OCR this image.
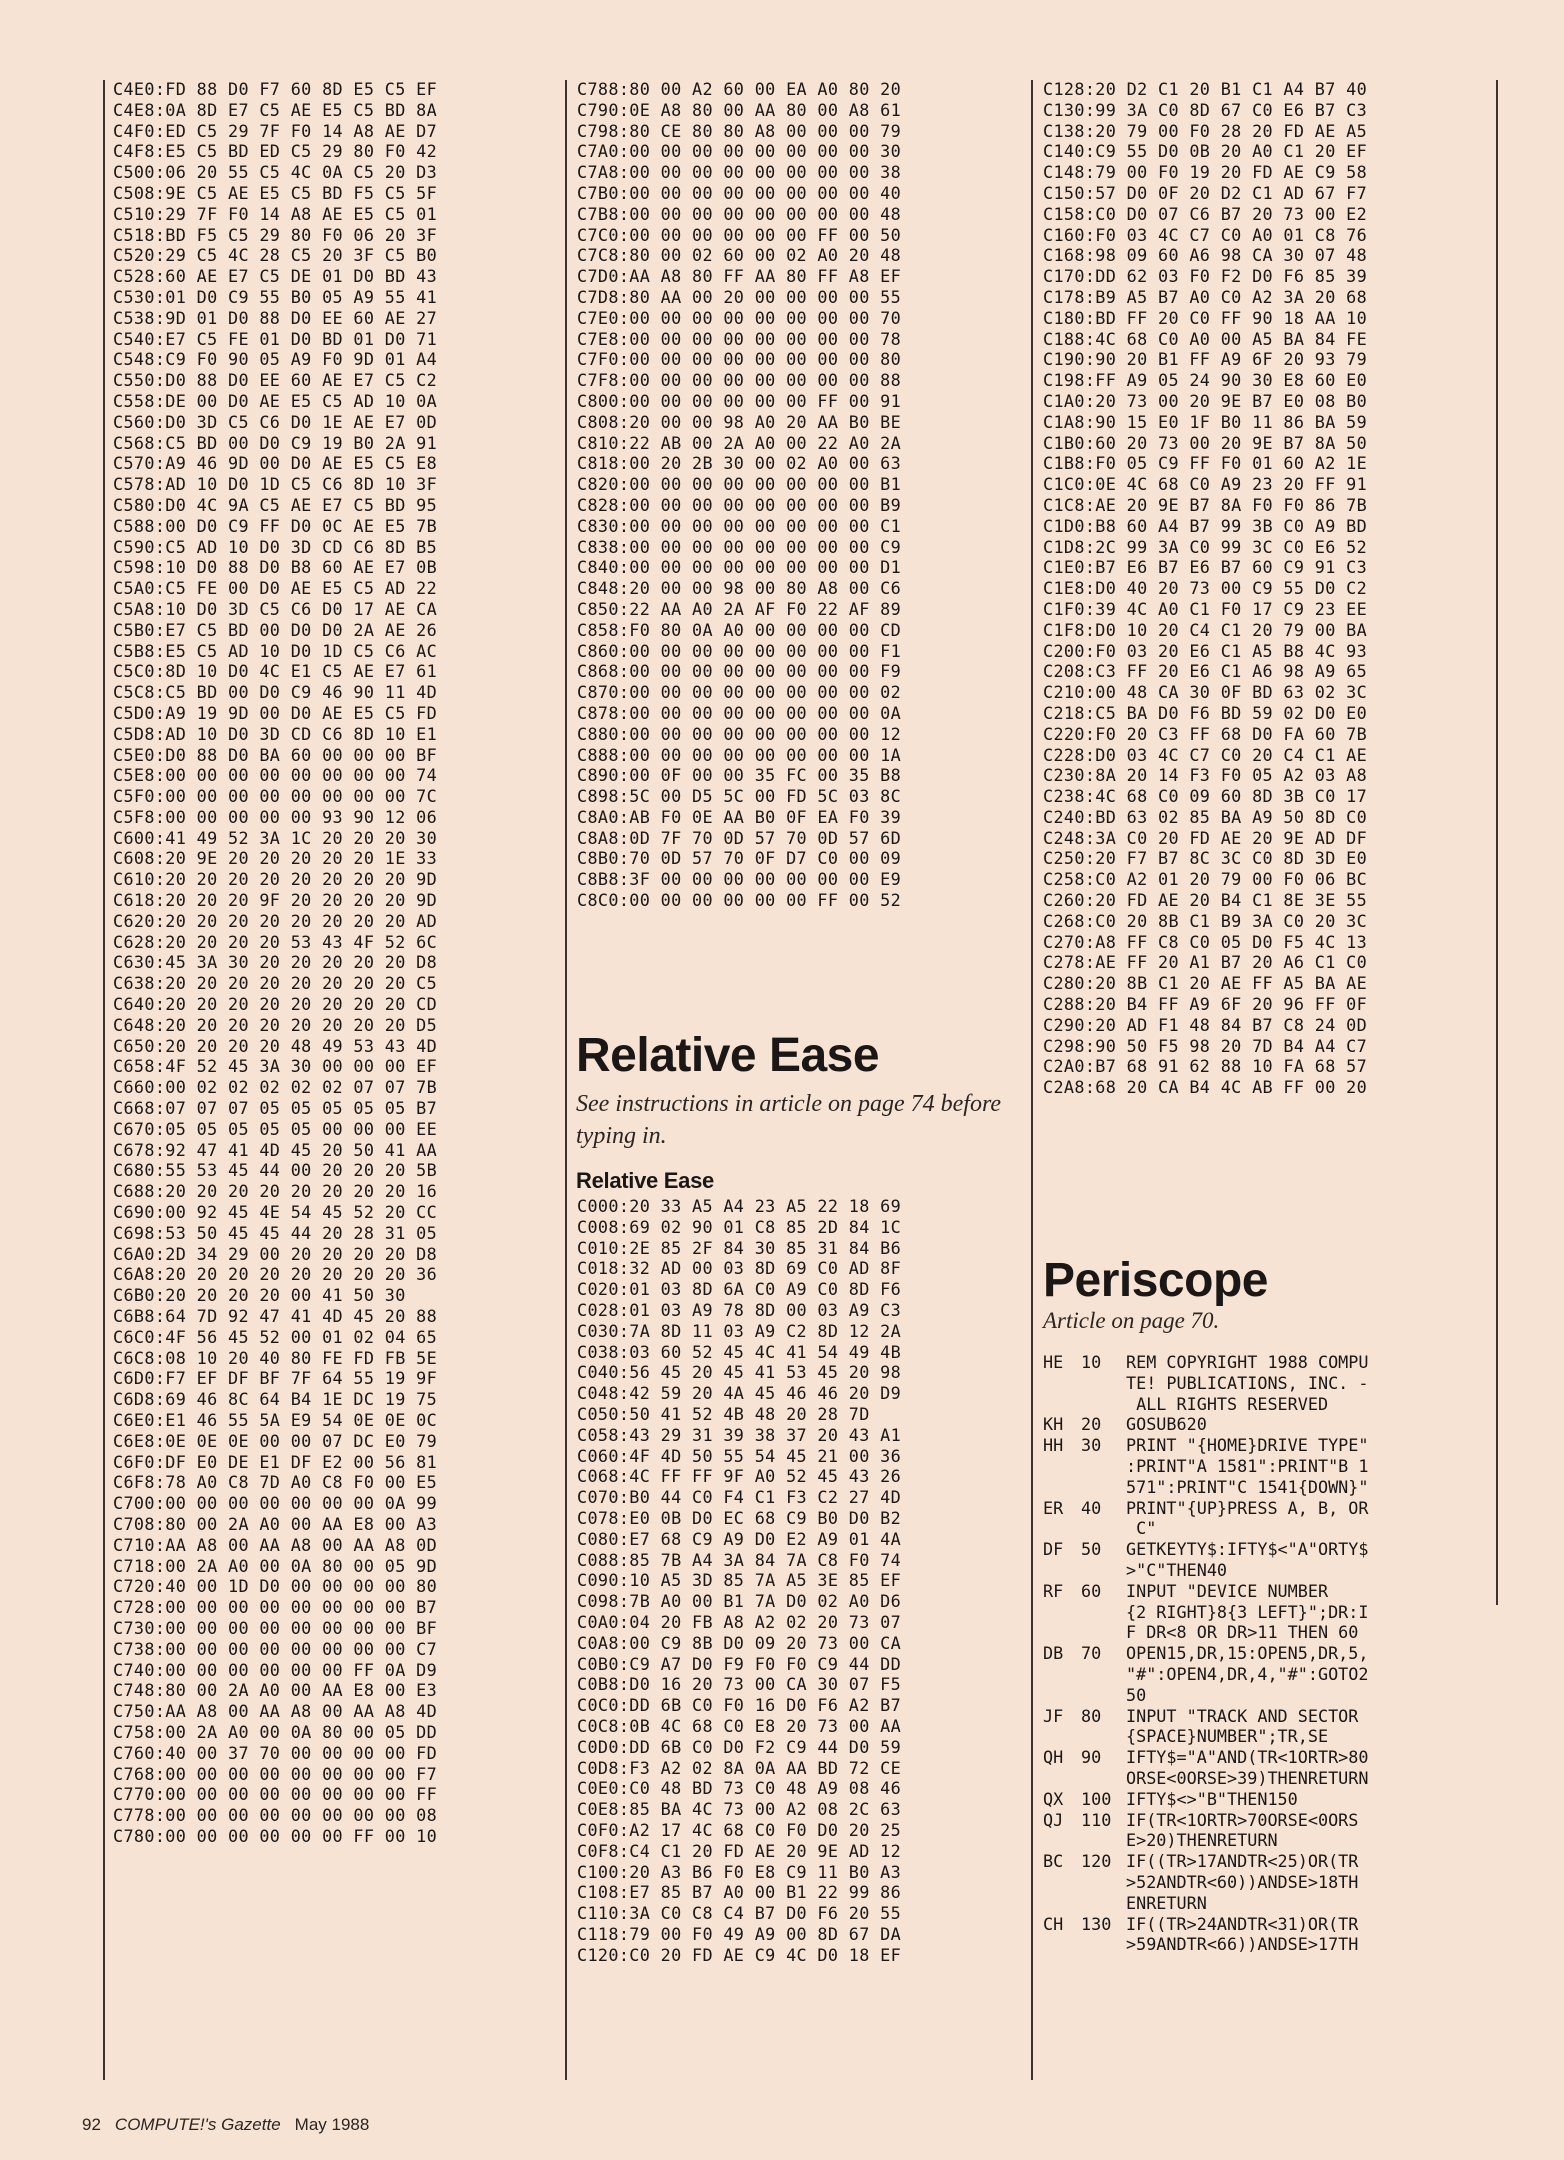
C4E0:FD 88 D0 F7 60 8D E5 C5 EF
C4E8:0A 8D E7 C5 AE E5 C5 BD 8A
C4F0:ED C5 29 7F F0 14 A8 AE D7
C4F8:E5 C5 BD ED C5 29 80 F0 42
C500:06 20 55 C5 4C 0A C5 20 D3
C508:9E C5 AE E5 C5 BD F5 C5 5F
C510:29 7F F0 14 A8 AE E5 C5 01
C518:BD F5 C5 29 80 F0 06 20 3F
C520:29 C5 4C 28 C5 20 3F C5 B0
C528:60 AE E7 C5 DE 01 D0 BD 43
C530:01 D0 C9 55 B0 05 A9 55 41
C538:9D 01 D0 88 D0 EE 60 AE 27
C540:E7 C5 FE 01 D0 BD 01 D0 71
C548:C9 F0 90 05 A9 F0 9D 01 A4
C550:D0 88 D0 EE 60 AE E7 C5 C2
C558:DE 00 D0 AE E5 C5 AD 10 0A
C560:D0 3D C5 C6 D0 1E AE E7 0D
C568:C5 BD 00 D0 C9 19 B0 2A 91
C570:A9 46 9D 00 D0 AE E5 C5 E8
C578:AD 10 D0 1D C5 C6 8D 10 3F
C580:D0 4C 9A C5 AE E7 C5 BD 95
C588:00 D0 C9 FF D0 0C AE E5 7B
C590:C5 AD 10 D0 3D CD C6 8D B5
C598:10 D0 88 D0 B8 60 AE E7 0B
C5A0:C5 FE 00 D0 AE E5 C5 AD 22
C5A8:10 D0 3D C5 C6 D0 17 AE CA
C5B0:E7 C5 BD 00 D0 D0 2A AE 26
C5B8:E5 C5 AD 10 D0 1D C5 C6 AC
C5C0:8D 10 D0 4C E1 C5 AE E7 61
C5C8:C5 BD 00 D0 C9 46 90 11 4D
C5D0:A9 19 9D 00 D0 AE E5 C5 FD
C5D8:AD 10 D0 3D CD C6 8D 10 E1
C5E0:D0 88 D0 BA 60 00 00 00 BF
C5E8:00 00 00 00 00 00 00 00 74
C5F0:00 00 00 00 00 00 00 00 7C
C5F8:00 00 00 00 00 93 90 12 06
C600:41 49 52 3A 1C 20 20 20 30
C608:20 9E 20 20 20 20 20 1E 33
C610:20 20 20 20 20 20 20 20 9D
C618:20 20 20 9F 20 20 20 20 9D
C620:20 20 20 20 20 20 20 20 AD
C628:20 20 20 20 53 43 4F 52 6C
C630:45 3A 30 20 20 20 20 20 D8
C638:20 20 20 20 20 20 20 20 C5
C640:20 20 20 20 20 20 20 20 CD
C648:20 20 20 20 20 20 20 20 D5
C650:20 20 20 20 48 49 53 43 4D
C658:4F 52 45 3A 30 00 00 00 EF
C660:00 02 02 02 02 02 07 07 7B
C668:07 07 07 05 05 05 05 05 B7
C670:05 05 05 05 05 00 00 00 EE
C678:92 47 41 4D 45 20 50 41 AA
C680:55 53 45 44 00 20 20 20 5B
C688:20 20 20 20 20 20 20 20 16
C690:00 92 45 4E 54 45 52 20 CC
C698:53 50 45 45 44 20 28 31 05
C6A0:2D 34 29 00 20 20 20 20 D8
C6A8:20 20 20 20 20 20 20 20 36
C6B0:20 20 20 20 00 41 50 30
C6B8:64 7D 92 47 41 4D 45 20 88
C6C0:4F 56 45 52 00 01 02 04 65
C6C8:08 10 20 40 80 FE FD FB 5E
C6D0:F7 EF DF BF 7F 64 55 19 9F
C6D8:69 46 8C 64 B4 1E DC 19 75
C6E0:E1 46 55 5A E9 54 0E 0E 0C
C6E8:0E 0E 0E 00 00 07 DC E0 79
C6F0:DF E0 DE E1 DF E2 00 56 81
C6F8:78 A0 C8 7D A0 C8 F0 00 E5
C700:00 00 00 00 00 00 00 0A 99
C708:80 00 2A A0 00 AA E8 00 A3
C710:AA A8 00 AA A8 00 AA A8 0D
C718:00 2A A0 00 0A 80 00 05 9D
C720:40 00 1D D0 00 00 00 00 80
C728:00 00 00 00 00 00 00 00 B7
C730:00 00 00 00 00 00 00 00 BF
C738:00 00 00 00 00 00 00 00 C7
C740:00 00 00 00 00 00 FF 0A D9
C748:80 00 2A A0 00 AA E8 00 E3
C750:AA A8 00 AA A8 00 AA A8 4D
C758:00 2A A0 00 0A 80 00 05 DD
C760:40 00 37 70 00 00 00 00 FD
C768:00 00 00 00 00 00 00 00 F7
C770:00 00 00 00 00 00 00 00 FF
C778:00 00 00 00 00 00 00 00 08
C780:00 00 00 00 00 00 FF 00 10
C788:80 00 A2 60 00 EA A0 80 20
C790:0E A8 80 00 AA 80 00 A8 61
C798:80 CE 80 80 A8 00 00 00 79
C7A0:00 00 00 00 00 00 00 00 30
C7A8:00 00 00 00 00 00 00 00 38
C7B0:00 00 00 00 00 00 00 00 40
C7B8:00 00 00 00 00 00 00 00 48
C7C0:00 00 00 00 00 00 FF 00 50
C7C8:80 00 02 60 00 02 A0 20 48
C7D0:AA A8 80 FF AA 80 FF A8 EF
C7D8:80 AA 00 20 00 00 00 00 55
C7E0:00 00 00 00 00 00 00 00 70
C7E8:00 00 00 00 00 00 00 00 78
C7F0:00 00 00 00 00 00 00 00 80
C7F8:00 00 00 00 00 00 00 00 88
C800:00 00 00 00 00 00 FF 00 91
C808:20 00 00 98 A0 20 AA B0 BE
C810:22 AB 00 2A A0 00 22 A0 2A
C818:00 20 2B 30 00 02 A0 00 63
C820:00 00 00 00 00 00 00 00 B1
C828:00 00 00 00 00 00 00 00 B9
C830:00 00 00 00 00 00 00 00 C1
C838:00 00 00 00 00 00 00 00 C9
C840:00 00 00 00 00 00 00 00 D1
C848:20 00 00 98 00 80 A8 00 C6
C850:22 AA A0 2A AF F0 22 AF 89
C858:F0 80 0A A0 00 00 00 00 CD
C860:00 00 00 00 00 00 00 00 F1
C868:00 00 00 00 00 00 00 00 F9
C870:00 00 00 00 00 00 00 00 02
C878:00 00 00 00 00 00 00 00 0A
C880:00 00 00 00 00 00 00 00 12
C888:00 00 00 00 00 00 00 00 1A
C890:00 0F 00 00 35 FC 00 35 B8
C898:5C 00 D5 5C 00 FD 5C 03 8C
C8A0:AB F0 0E AA B0 0F EA F0 39
C8A8:0D 7F 70 0D 57 70 0D 57 6D
C8B0:70 0D 57 70 0F D7 C0 00 09
C8B8:3F 00 00 00 00 00 00 00 E9
C8C0:00 00 00 00 00 00 FF 00 52
Relative Ease
See instructions in article on page 74 before typing in.
Relative Ease
C000:20 33 A5 A4 23 A5 22 18 69
C008:69 02 90 01 C8 85 2D 84 1C
C010:2E 85 2F 84 30 85 31 84 B6
C018:32 AD 00 03 8D 69 C0 AD 8F
C020:01 03 8D 6A C0 A9 C0 8D F6
C028:01 03 A9 78 8D 00 03 A9 C3
C030:7A 8D 11 03 A9 C2 8D 12 2A
C038:03 60 52 45 4C 41 54 49 4B
C040:56 45 20 45 41 53 45 20 98
C048:42 59 20 4A 45 46 46 20 D9
C050:50 41 52 4B 48 20 28 7D
C058:43 29 31 39 38 37 20 43 A1
C060:4F 4D 50 55 54 45 21 00 36
C068:4C FF FF 9F A0 52 45 43 26
C070:B0 44 C0 F4 C1 F3 C2 27 4D
C078:E0 0B D0 EC 68 C9 B0 D0 B2
C080:E7 68 C9 A9 D0 E2 A9 01 4A
C088:85 7B A4 3A 84 7A C8 F0 74
C090:10 A5 3D 85 7A A5 3E 85 EF
C098:7B A0 00 B1 7A D0 02 A0 D6
C0A0:04 20 FB A8 A2 02 20 73 07
C0A8:00 C9 8B D0 09 20 73 00 CA
C0B0:C9 A7 D0 F9 F0 F0 C9 44 DD
C0B8:D0 16 20 73 00 CA 30 07 F5
C0C0:DD 6B C0 F0 16 D0 F6 A2 B7
C0C8:0B 4C 68 C0 E8 20 73 00 AA
C0D0:DD 6B C0 D0 F2 C9 44 D0 59
C0D8:F3 A2 02 8A 0A AA BD 72 CE
C0E0:C0 48 BD 73 C0 48 A9 08 46
C0E8:85 BA 4C 73 00 A2 08 2C 63
C0F0:A2 17 4C 68 C0 F0 D0 20 25
C0F8:C4 C1 20 FD AE 20 9E AD 12
C100:20 A3 B6 F0 E8 C9 11 B0 A3
C108:E7 85 B7 A0 00 B1 22 99 86
C110:3A C0 C8 C4 B7 D0 F6 20 55
C118:79 00 F0 49 A9 00 8D 67 DA
C120:C0 20 FD AE C9 4C D0 18 EF
C128:20 D2 C1 20 B1 C1 A4 B7 40
C130:99 3A C0 8D 67 C0 E6 B7 C3
C138:20 79 00 F0 28 20 FD AE A5
C140:C9 55 D0 0B 20 A0 C1 20 EF
C148:79 00 F0 19 20 FD AE C9 58
C150:57 D0 0F 20 D2 C1 AD 67 F7
C158:C0 D0 07 C6 B7 20 73 00 E2
C160:F0 03 4C C7 C0 A0 01 C8 76
C168:98 09 60 A6 98 CA 30 07 48
C170:DD 62 03 F0 F2 D0 F6 85 39
C178:B9 A5 B7 A0 C0 A2 3A 20 68
C180:BD FF 20 C0 FF 90 18 AA 10
C188:4C 68 C0 A0 00 A5 BA 84 FE
C190:90 20 B1 FF A9 6F 20 93 79
C198:FF A9 05 24 90 30 E8 60 E0
C1A0:20 73 00 20 9E B7 E0 08 B0
C1A8:90 15 E0 1F B0 11 86 BA 59
C1B0:60 20 73 00 20 9E B7 8A 50
C1B8:F0 05 C9 FF F0 01 60 A2 1E
C1C0:0E 4C 68 C0 A9 23 20 FF 91
C1C8:AE 20 9E B7 8A F0 F0 86 7B
C1D0:B8 60 A4 B7 99 3B C0 A9 BD
C1D8:2C 99 3A C0 99 3C C0 E6 52
C1E0:B7 E6 B7 E6 B7 60 C9 91 C3
C1E8:D0 40 20 73 00 C9 55 D0 C2
C1F0:39 4C A0 C1 F0 17 C9 23 EE
C1F8:D0 10 20 C4 C1 20 79 00 BA
C200:F0 03 20 E6 C1 A5 B8 4C 93
C208:C3 FF 20 E6 C1 A6 98 A9 65
C210:00 48 CA 30 0F BD 63 02 3C
C218:C5 BA D0 F6 BD 59 02 D0 E0
C220:F0 20 C3 FF 68 D0 FA 60 7B
C228:D0 03 4C C7 C0 20 C4 C1 AE
C230:8A 20 14 F3 F0 05 A2 03 A8
C238:4C 68 C0 09 60 8D 3B C0 17
C240:BD 63 02 85 BA A9 50 8D C0
C248:3A C0 20 FD AE 20 9E AD DF
C250:20 F7 B7 8C 3C C0 8D 3D E0
C258:C0 A2 01 20 79 00 F0 06 BC
C260:20 FD AE 20 B4 C1 8E 3E 55
C268:C0 20 8B C1 B9 3A C0 20 3C
C270:A8 FF C8 C0 05 D0 F5 4C 13
C278:AE FF 20 A1 B7 20 A6 C1 C0
C280:20 8B C1 20 AE FF A5 BA AE
C288:20 B4 FF A9 6F 20 96 FF 0F
C290:20 AD F1 48 84 B7 C8 24 0D
C298:90 50 F5 98 20 7D B4 A4 C7
C2A0:B7 68 91 62 88 10 FA 68 57
C2A8:68 20 CA B4 4C AB FF 00 20
Periscope
Article on page 70.
HE	10	REM COPYRIGHT 1988 COMPU
TE! PUBLICATIONS, INC. -
ALL RIGHTS RESERVED
KH	20	GOSUB620
HH	30	PRINT "{HOME}DRIVE TYPE"
:PRINT"A 1581":PRINT"B 1
571":PRINT"C 1541{DOWN}"
ER	40	PRINT"{UP}PRESS A, B, OR
C"
DF	50	GETKEYTY$:IFTY$<"A"ORTY$
>"C"THEN40
RF	60	INPUT "DEVICE NUMBER
{2 RIGHT}8{3 LEFT}";DR:I
F DR<8 OR DR>11 THEN 60
DB	70	OPEN15,DR,15:OPEN5,DR,5,
"#":OPEN4,DR,4,"#":GOTO2
50
JF	80	INPUT "TRACK AND SECTOR
{SPACE}NUMBER";TR,SE
QH	90	IFTY$="A"AND(TR<1ORTR>80
ORSE<0ORSE>39)THENRETURN
QX	100 IFTY$<>"B"THEN150
QJ	110 IF(TR<1ORTR>70ORSE<0ORS
E>20)THENRETURN
BC	120 IF((TR>17ANDTR<25)OR(TR
>52ANDTR<60))ANDSE>18TH
ENRETURN
CH	130 IF((TR>24ANDTR<31)OR(TR
>59ANDTR<66))ANDSE>17TH
92 COMPUTE!'s Gazette May 1988
